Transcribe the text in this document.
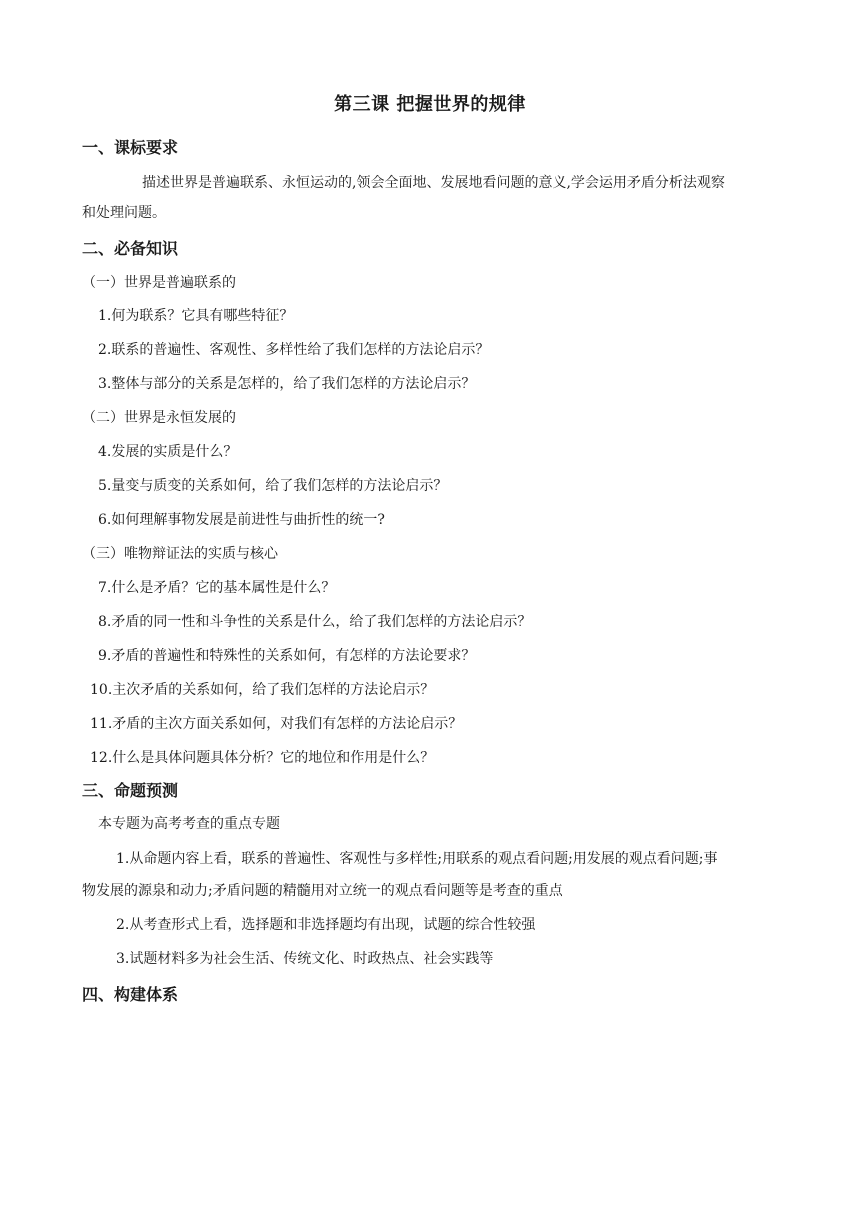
第三课 把握世界的规律
一、课标要求
描述世界是普遍联系、永恒运动的,领会全面地、发展地看问题的意义,学会运用矛盾分析法观察
和处理问题。
二、必备知识
（一）世界是普遍联系的
1.何为联系？它具有哪些特征？
2.联系的普遍性、客观性、多样性给了我们怎样的方法论启示？
3.整体与部分的关系是怎样的，给了我们怎样的方法论启示？
（二）世界是永恒发展的
4.发展的实质是什么？
5.量变与质变的关系如何，给了我们怎样的方法论启示？
6.如何理解事物发展是前进性与曲折性的统一?
（三）唯物辩证法的实质与核心
7.什么是矛盾？它的基本属性是什么？
8.矛盾的同一性和斗争性的关系是什么，给了我们怎样的方法论启示？
9.矛盾的普遍性和特殊性的关系如何，有怎样的方法论要求？
10.主次矛盾的关系如何，给了我们怎样的方法论启示？
11.矛盾的主次方面关系如何，对我们有怎样的方法论启示？
12.什么是具体问题具体分析？它的地位和作用是什么？
三、命题预测
本专题为高考考查的重点专题
1.从命题内容上看，联系的普遍性、客观性与多样性;用联系的观点看问题;用发展的观点看问题;事
物发展的源泉和动力;矛盾问题的精髓用对立统一的观点看问题等是考查的重点
2.从考查形式上看，选择题和非选择题均有出现，试题的综合性较强
3.试题材料多为社会生活、传统文化、时政热点、社会实践等
四、构建体系
